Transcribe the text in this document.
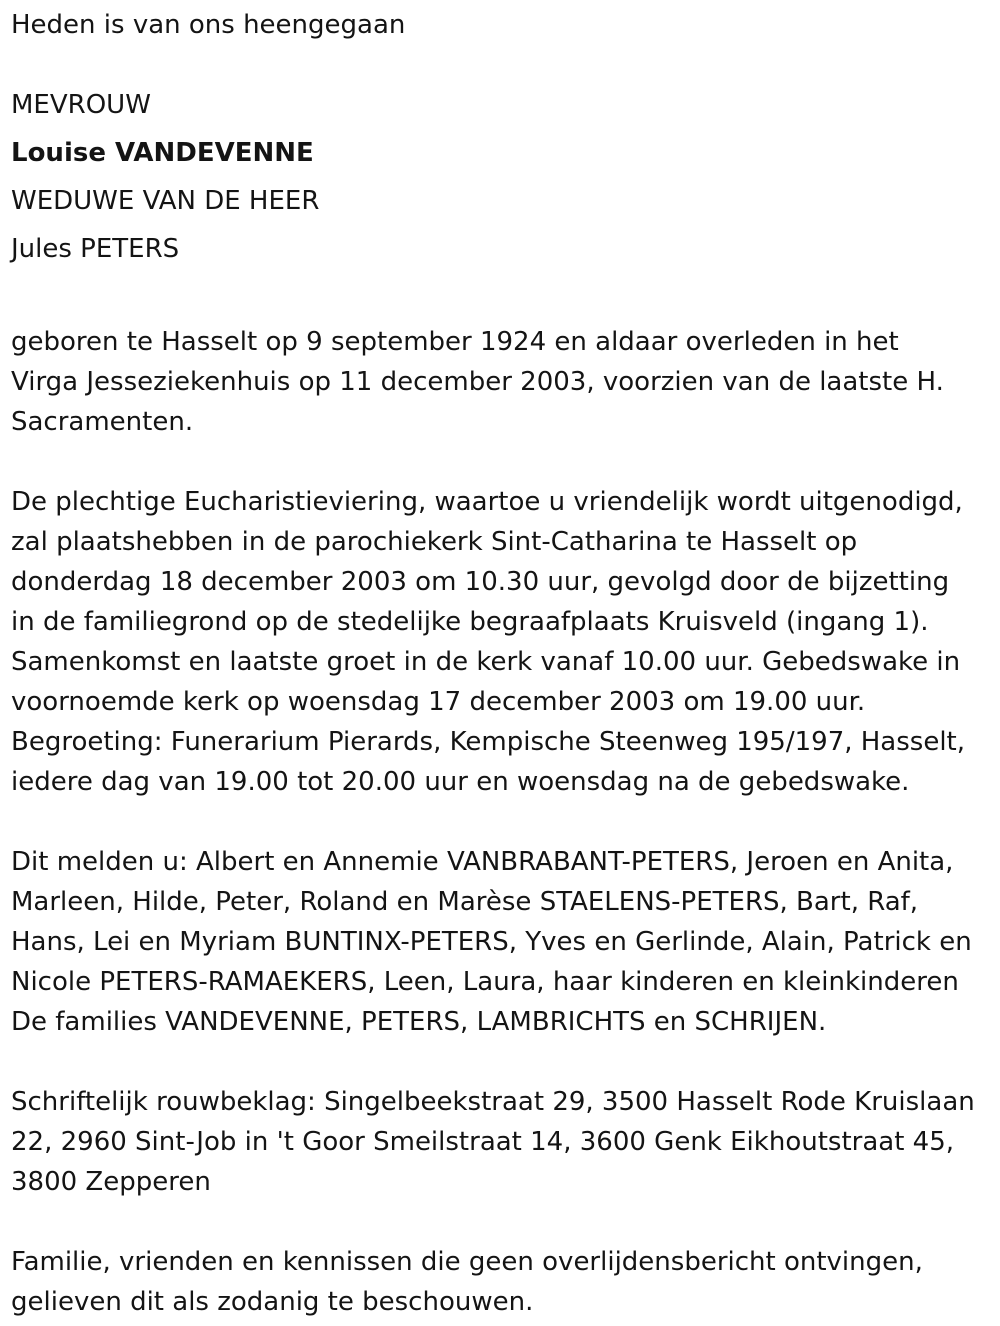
Heden is van ons heengegaan
MEVROUW
Louise VANDEVENNE
WEDUWE VAN DE HEER
Jules PETERS
geboren te Hasselt op 9 september 1924 en aldaar overleden in het
Virga Jesseziekenhuis op 11 december 2003, voorzien van de laatste H.
Sacramenten.
De plechtige Eucharistieviering, waartoe u vriendelijk wordt uitgenodigd,
zal plaatshebben in de parochiekerk Sint-Catharina te Hasselt op
donderdag 18 december 2003 om 10.30 uur, gevolgd door de bijzetting
in de familiegrond op de stedelijke begraafplaats Kruisveld (ingang 1).
Samenkomst en laatste groet in de kerk vanaf 10.00 uur. Gebedswake in
voornoemde kerk op woensdag 17 december 2003 om 19.00 uur.
Begroeting: Funerarium Pierards, Kempische Steenweg 195/197, Hasselt,
iedere dag van 19.00 tot 20.00 uur en woensdag na de gebedswake.
Dit melden u: Albert en Annemie VANBRABANT-PETERS, Jeroen en Anita,
Marleen, Hilde, Peter, Roland en Marèse STAELENS-PETERS, Bart, Raf,
Hans, Lei en Myriam BUNTINX-PETERS, Yves en Gerlinde, Alain, Patrick en
Nicole PETERS-RAMAEKERS, Leen, Laura, haar kinderen en kleinkinderen
De families VANDEVENNE, PETERS, LAMBRICHTS en SCHRIJEN.
Schriftelijk rouwbeklag: Singelbeekstraat 29, 3500 Hasselt Rode Kruislaan
22, 2960 Sint-Job in 't Goor Smeilstraat 14, 3600 Genk Eikhoutstraat 45,
3800 Zepperen
Familie, vrienden en kennissen die geen overlijdensbericht ontvingen,
gelieven dit als zodanig te beschouwen.
